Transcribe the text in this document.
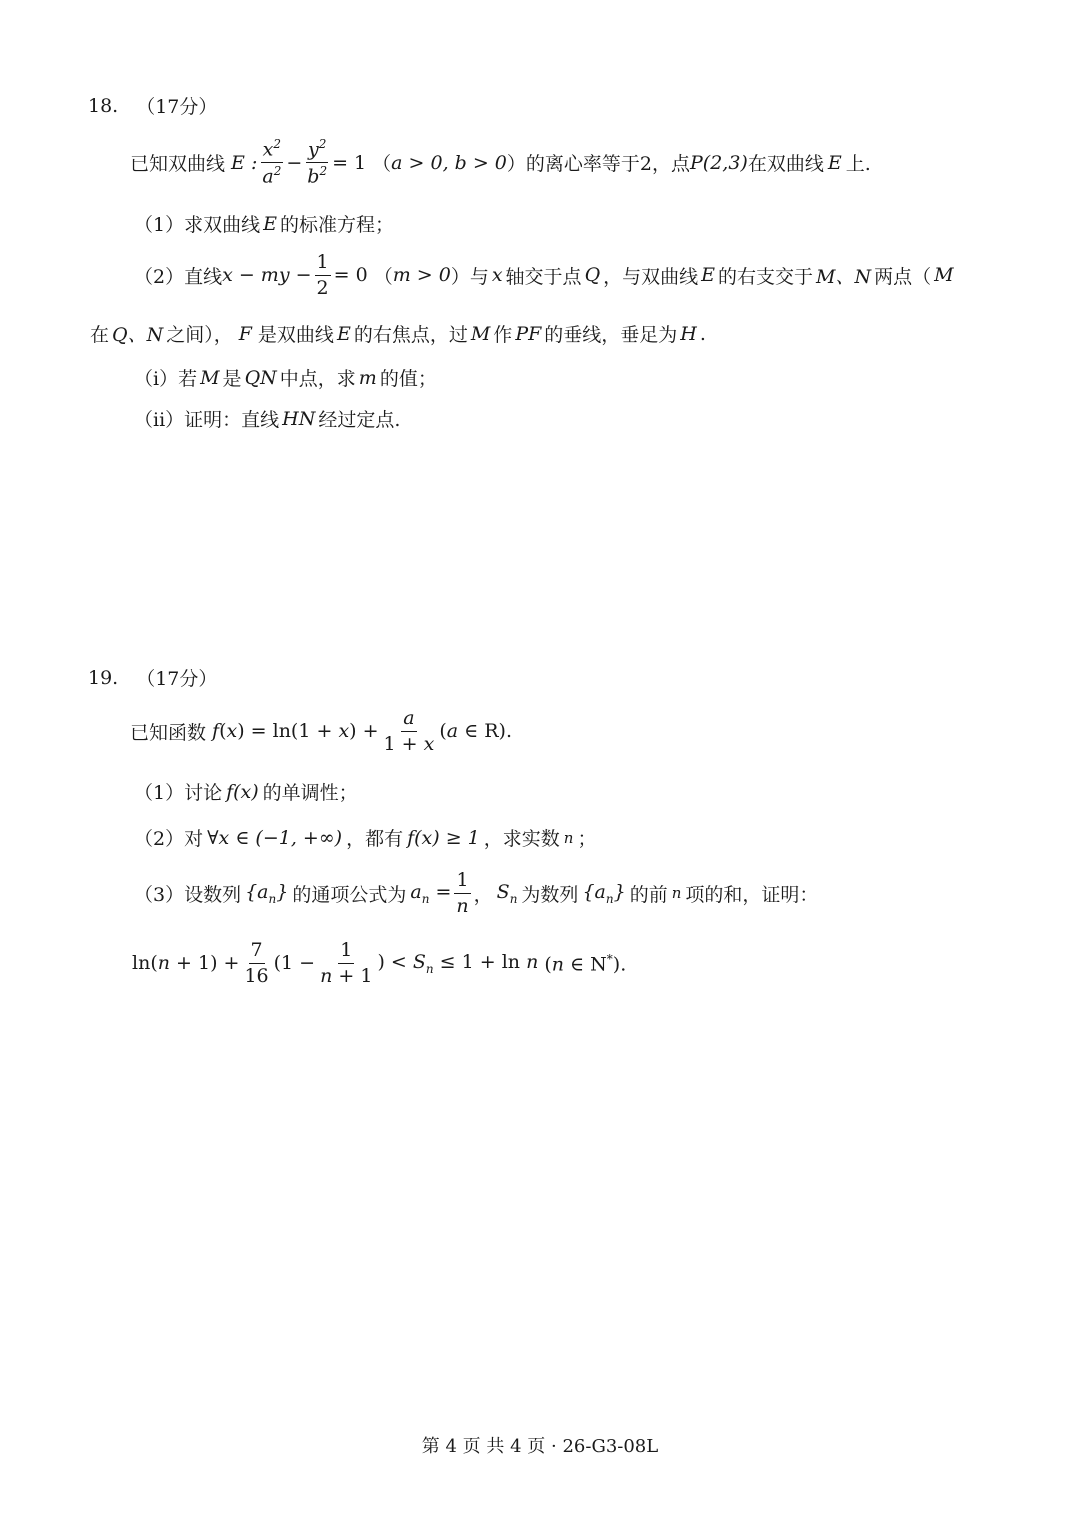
18. （17分）
已知双曲线 E : $\frac{x^2}{a^2} - \frac{y^2}{b^2} = 1$ （ a > 0, b > 0 ）的离心率等于 2，点 P(2,3) 在双曲线 E 上.
（1）求双曲线 E 的标准方程；
（2）直线 x − my − $\frac{1}{2} = 0$ （ m > 0 ）与 x 轴交于点 Q ，与双曲线 E 的右支交于 M、N 两点（ M
在 Q、N 之间）， F 是双曲线 E 的右焦点，过 M 作 PF 的垂线，垂足为 H .
（i）若 M 是 QN 中点，求 m 的值；
（ii）证明：直线 HN 经过定点.
19. （17分）
已知函数 f $(x) = \ln(1 + x) + \frac{a}{1 + x} (a$ ∈ R) .
（1）讨论 f(x) 的单调性；
（2）对 ∀x ∈ (−1, +∞) ，都有 f(x) ≥ 1 ，求实数 n ；
（3）设数列 $\{a_n\}$ 的通项公式为 $a_n = \frac{1}{n}$ ， $S_n$ 为数列 $\{a_n\}$ 的前 n 项的和，证明：
$\ln(n + 1) + \frac{7}{16} (1 - \frac{1}{n + 1}$ ) < $S_n \le 1 + \ln n$ (n ∈ N*).
第 4 页 共 4 页 · 26-G3-08L
